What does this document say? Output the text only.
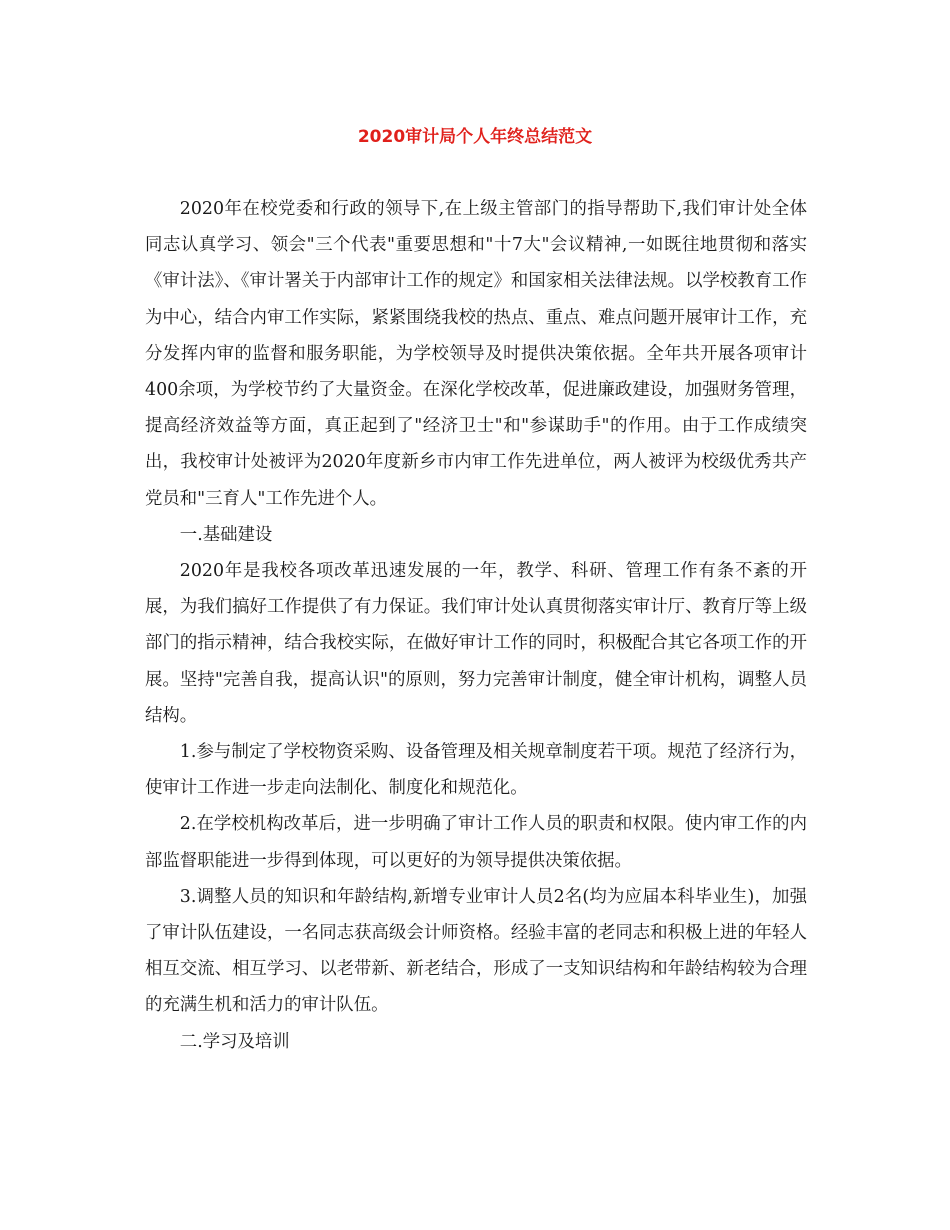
2020审计局个人年终总结范文

2020年在校党委和行政的领导下,在上级主管部门的指导帮助下,我们审计处全体同志认真学习、领会"三个代表"重要思想和"十7大"会议精神,一如既往地贯彻和落实《审计法》、《审计署关于内部审计工作的规定》和国家相关法律法规。以学校教育工作为中心，结合内审工作实际，紧紧围绕我校的热点、重点、难点问题开展审计工作，充分发挥内审的监督和服务职能，为学校领导及时提供决策依据。全年共开展各项审计400余项，为学校节约了大量资金。在深化学校改革，促进廉政建设，加强财务管理，提高经济效益等方面，真正起到了"经济卫士"和"参谋助手"的作用。由于工作成绩突出，我校审计处被评为2020年度新乡市内审工作先进单位，两人被评为校级优秀共产党员和"三育人"工作先进个人。

一.基础建设

2020年是我校各项改革迅速发展的一年，教学、科研、管理工作有条不紊的开展，为我们搞好工作提供了有力保证。我们审计处认真贯彻落实审计厅、教育厅等上级部门的指示精神，结合我校实际，在做好审计工作的同时，积极配合其它各项工作的开展。坚持"完善自我，提高认识"的原则，努力完善审计制度，健全审计机构，调整人员结构。

1.参与制定了学校物资采购、设备管理及相关规章制度若干项。规范了经济行为，使审计工作进一步走向法制化、制度化和规范化。

2.在学校机构改革后，进一步明确了审计工作人员的职责和权限。使内审工作的内部监督职能进一步得到体现，可以更好的为领导提供决策依据。

3.调整人员的知识和年龄结构,新增专业审计人员2名(均为应届本科毕业生)，加强了审计队伍建设，一名同志获高级会计师资格。经验丰富的老同志和积极上进的年轻人相互交流、相互学习、以老带新、新老结合，形成了一支知识结构和年龄结构较为合理的充满生机和活力的审计队伍。

二.学习及培训
